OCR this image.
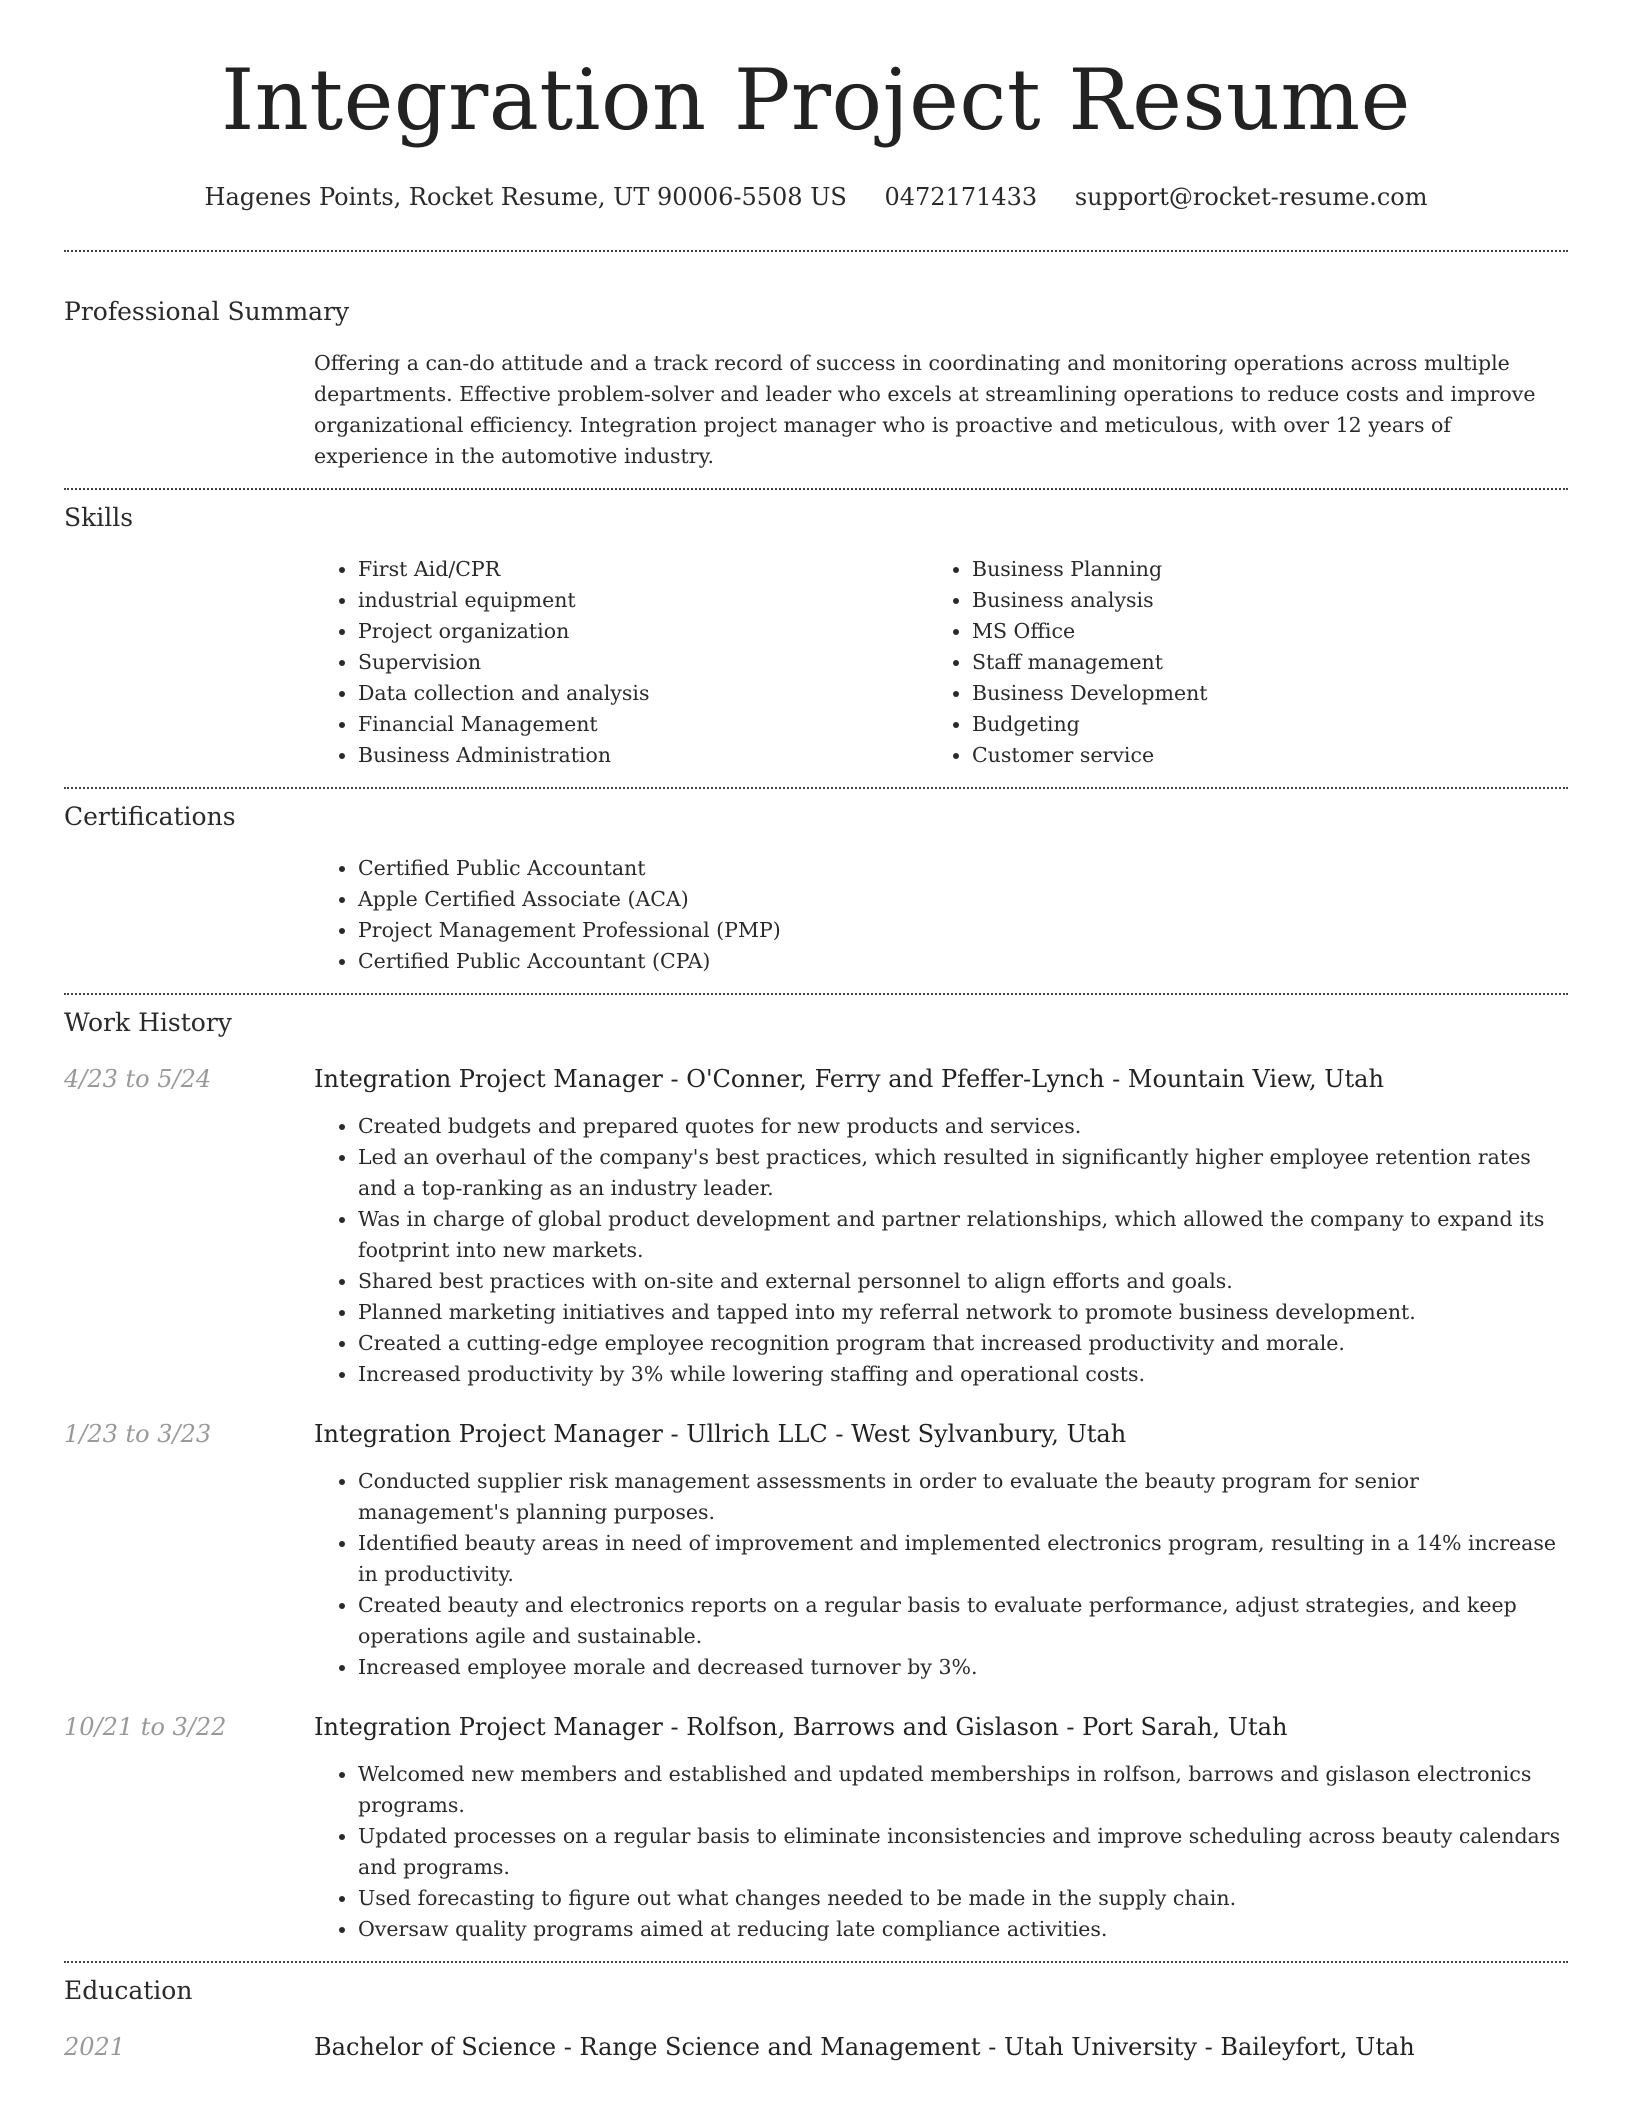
Integration Project Resume
Hagenes Points, Rocket Resume, UT 90006-5508 US 0472171433 support@rocket-resume.com
Professional Summary

Offering a can-do attitude and a track record of success in coordinating and monitoring operations across multiple departments. Effective problem-solver and leader who excels at streamlining operations to reduce costs and improve organizational efficiency. Integration project manager who is proactive and meticulous, with over 12 years of experience in the automotive industry.

Skills
• First Aid/CPR
• industrial equipment
• Project organization
• Supervision
• Data collection and analysis
• Financial Management
• Business Administration
• Business Planning
• Business analysis
• MS Office
• Staff management
• Business Development
• Budgeting
• Customer service
Certifications
• Certified Public Accountant
• Apple Certified Associate (ACA)
• Project Management Professional (PMP)
• Certified Public Accountant (CPA)
Work History
4/23 to 5/24	Integration Project Manager - O'Conner, Ferry and Pfeffer-Lynch - Mountain View, Utah
• Created budgets and prepared quotes for new products and services.
• Led an overhaul of the company's best practices, which resulted in significantly higher employee retention rates and a top-ranking as an industry leader.
• Was in charge of global product development and partner relationships, which allowed the company to expand its footprint into new markets.
• Shared best practices with on-site and external personnel to align efforts and goals.
• Planned marketing initiatives and tapped into my referral network to promote business development.
• Created a cutting-edge employee recognition program that increased productivity and morale.
• Increased productivity by 3% while lowering staffing and operational costs.
1/23 to 3/23	Integration Project Manager - Ullrich LLC - West Sylvanbury, Utah
• Conducted supplier risk management assessments in order to evaluate the beauty program for senior management's planning purposes.
• Identified beauty areas in need of improvement and implemented electronics program, resulting in a 14% increase in productivity.
• Created beauty and electronics reports on a regular basis to evaluate performance, adjust strategies, and keep operations agile and sustainable.
• Increased employee morale and decreased turnover by 3%.
10/21 to 3/22	Integration Project Manager - Rolfson, Barrows and Gislason - Port Sarah, Utah
• Welcomed new members and established and updated memberships in rolfson, barrows and gislason electronics programs.
• Updated processes on a regular basis to eliminate inconsistencies and improve scheduling across beauty calendars and programs.
• Used forecasting to figure out what changes needed to be made in the supply chain.
• Oversaw quality programs aimed at reducing late compliance activities.
Education
2021	Bachelor of Science - Range Science and Management - Utah University - Baileyfort, Utah
